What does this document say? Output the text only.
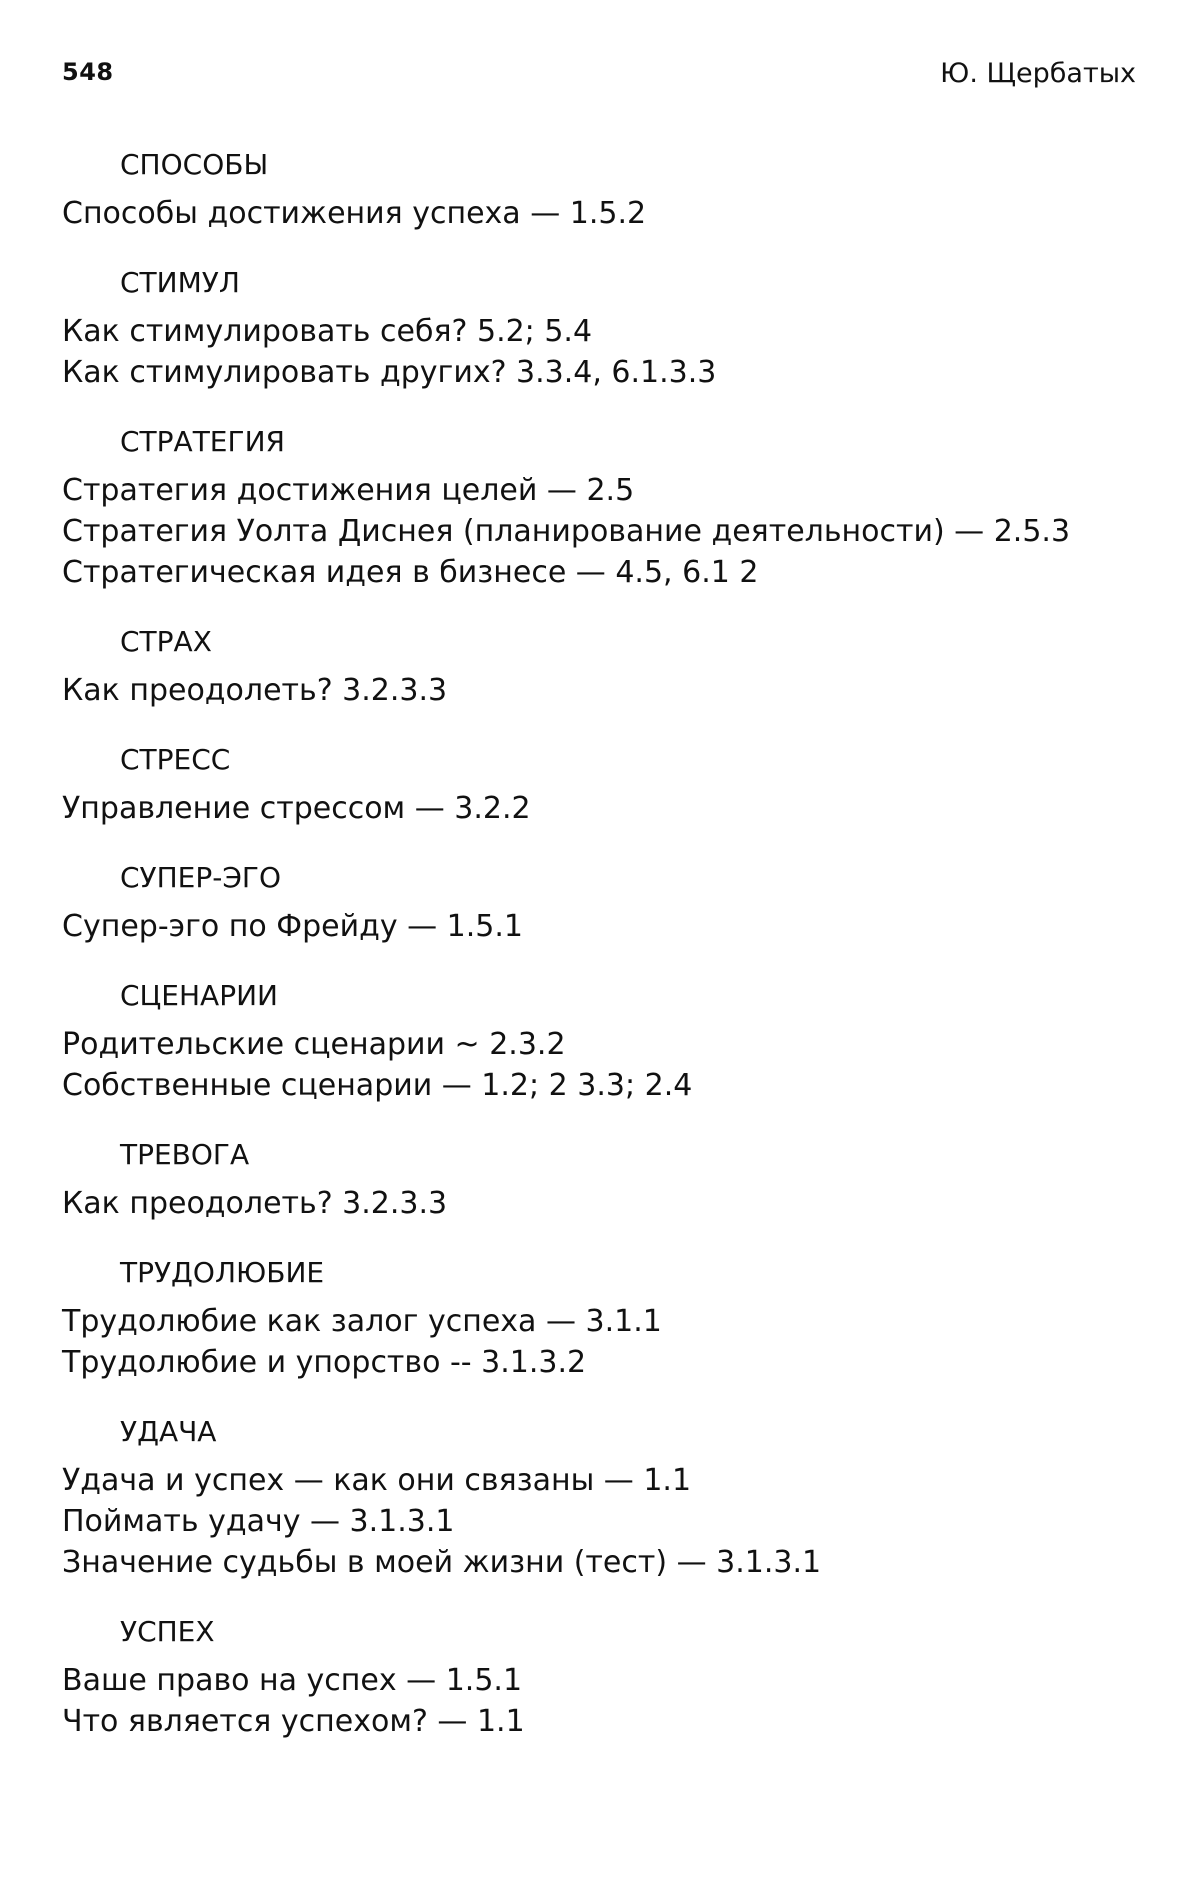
548	Ю. Щербатых
СПОСОБЫ
Способы достижения успеха — 1.5.2
СТИМУЛ
Как стимулировать себя? 5.2; 5.4
Как стимулировать других? 3.3.4, 6.1.3.3
СТРАТЕГИЯ
Стратегия достижения целей — 2.5
Стратегия Уолта Диснея (планирование деятельности) — 2.5.3
Стратегическая идея в бизнесе — 4.5, 6.1 2
СТРАХ
Как преодолеть? 3.2.3.3
СТРЕСС
Управление стрессом — 3.2.2
СУПЕР-ЭГО
Супер-эго по Фрейду — 1.5.1
СЦЕНАРИИ
Родительские сценарии ~ 2.3.2
Собственные сценарии — 1.2; 2 3.3; 2.4
ТРЕВОГА
Как преодолеть? 3.2.3.3
ТРУДОЛЮБИЕ
Трудолюбие как залог успеха — 3.1.1
Трудолюбие и упорство -- 3.1.3.2
УДАЧА
Удача и успех — как они связаны — 1.1
Поймать удачу — 3.1.3.1
Значение судьбы в моей жизни (тест) — 3.1.3.1
УСПЕХ
Ваше право на успех — 1.5.1
Что является успехом? — 1.1
